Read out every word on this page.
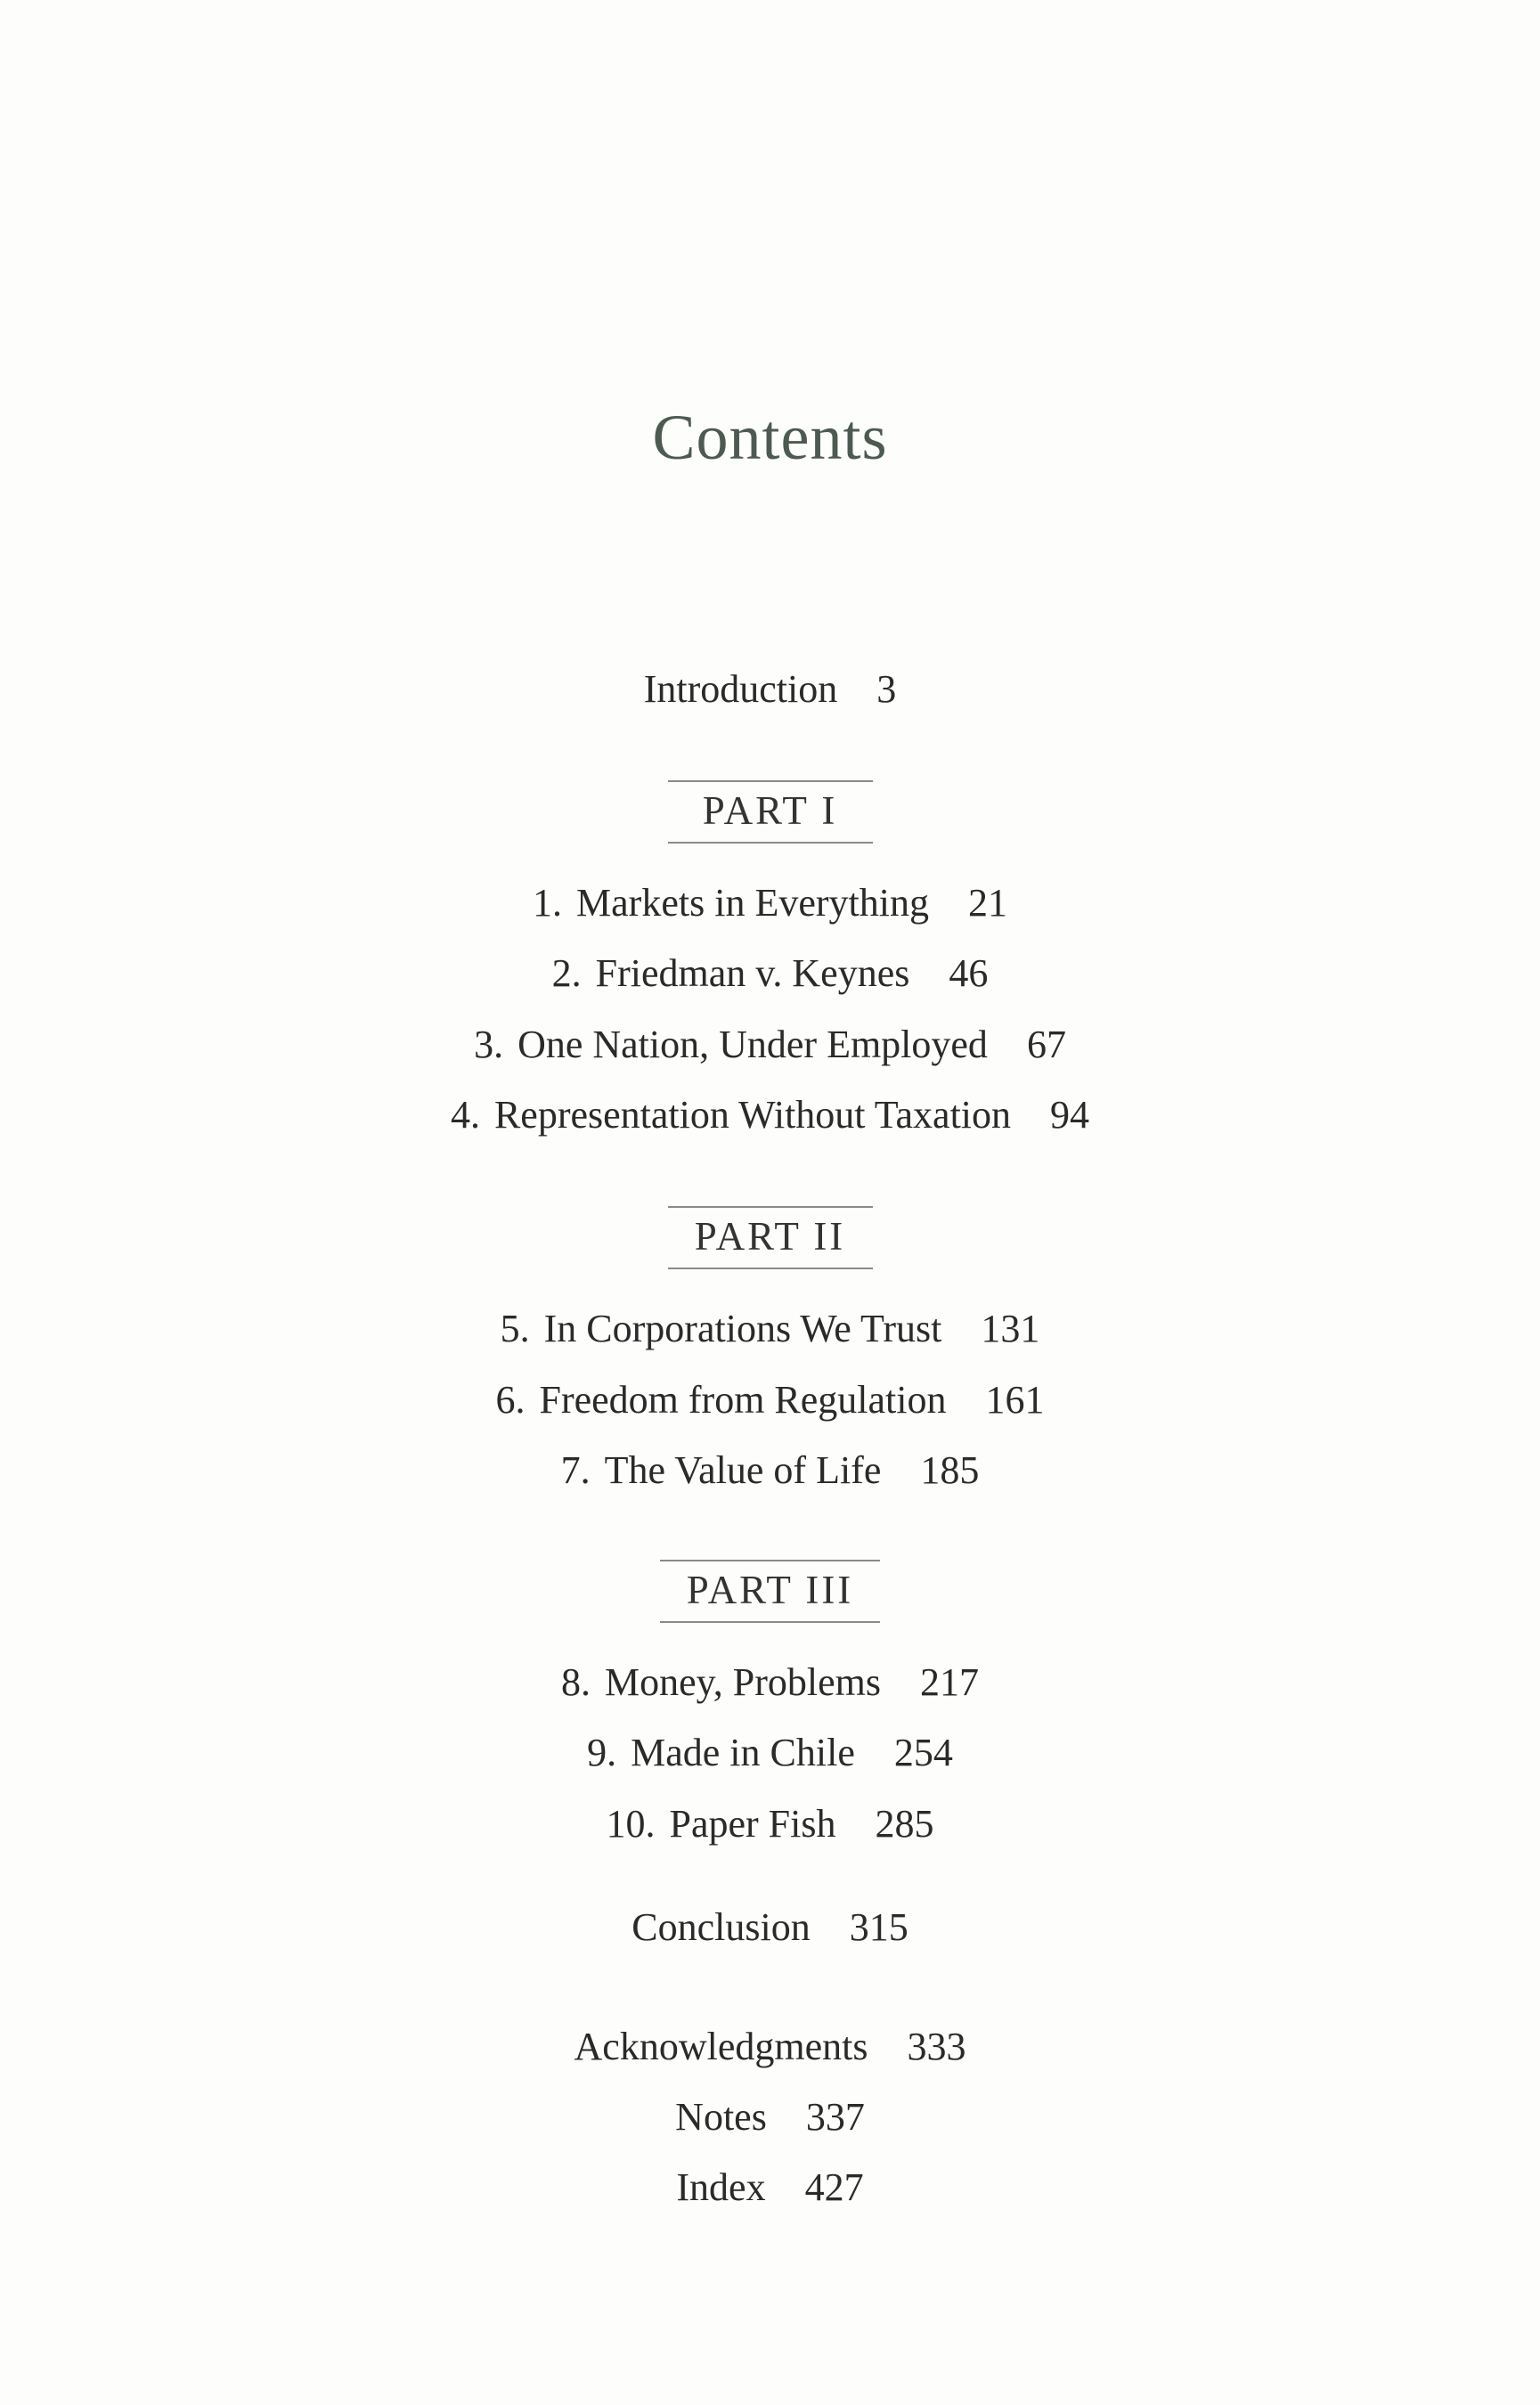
Contents
Introduction 3
PART I
1. Markets in Everything 21
2. Friedman v. Keynes 46
3. One Nation, Under Employed 67
4. Representation Without Taxation 94
PART II
5. In Corporations We Trust 131
6. Freedom from Regulation 161
7. The Value of Life 185
PART III
8. Money, Problems 217
9. Made in Chile 254
10. Paper Fish 285
Conclusion 315
Acknowledgments 333
Notes 337
Index 427
